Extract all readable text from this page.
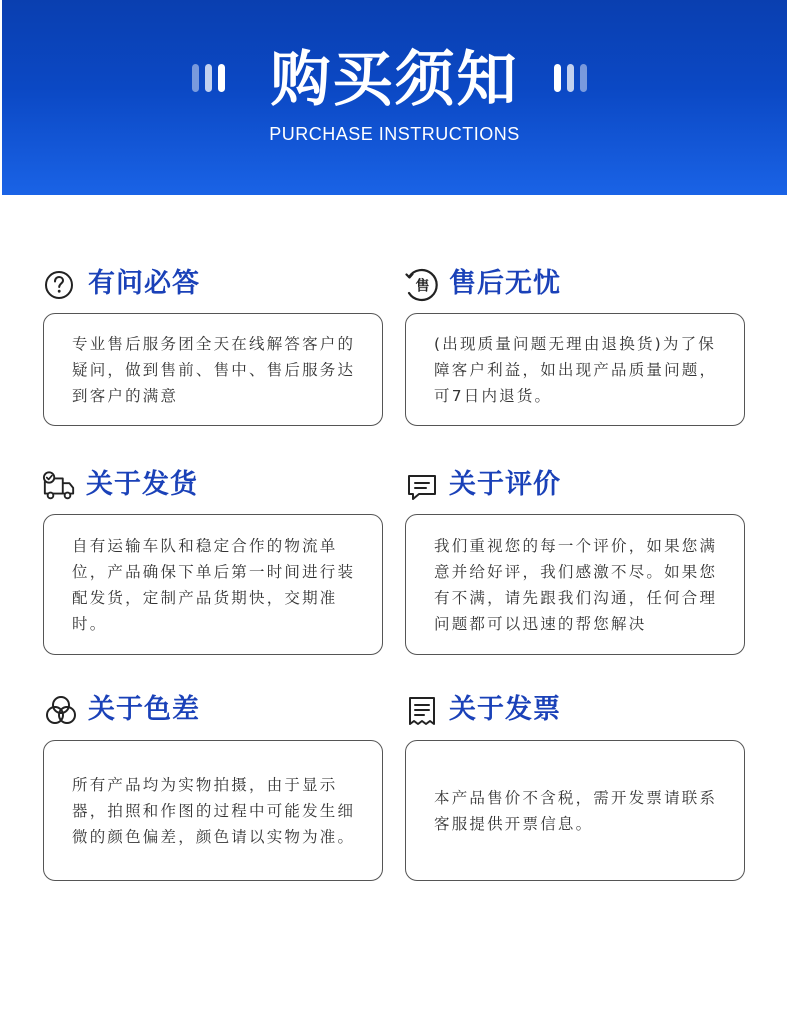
购买须知
PURCHASE INSTRUCTIONS
有问必答

专业售后服务团全天在线解答客户的疑问，做到售前、售中、售后服务达到客户的满意

售 售后无忧

(出现质量问题无理由退换货)为了保障客户利益，如出现产品质量问题，可7日内退货。

关于发货

自有运输车队和稳定合作的物流单位，产品确保下单后第一时间进行装配发货，定制产品货期快，交期准时。

关于评价

我们重视您的每一个评价，如果您满意并给好评，我们感激不尽。如果您有不满，请先跟我们沟通，任何合理问题都可以迅速的帮您解决

关于色差

所有产品均为实物拍摄，由于显示器，拍照和作图的过程中可能发生细微的颜色偏差，颜色请以实物为准。

关于发票

本产品售价不含税，需开发票请联系客服提供开票信息。
